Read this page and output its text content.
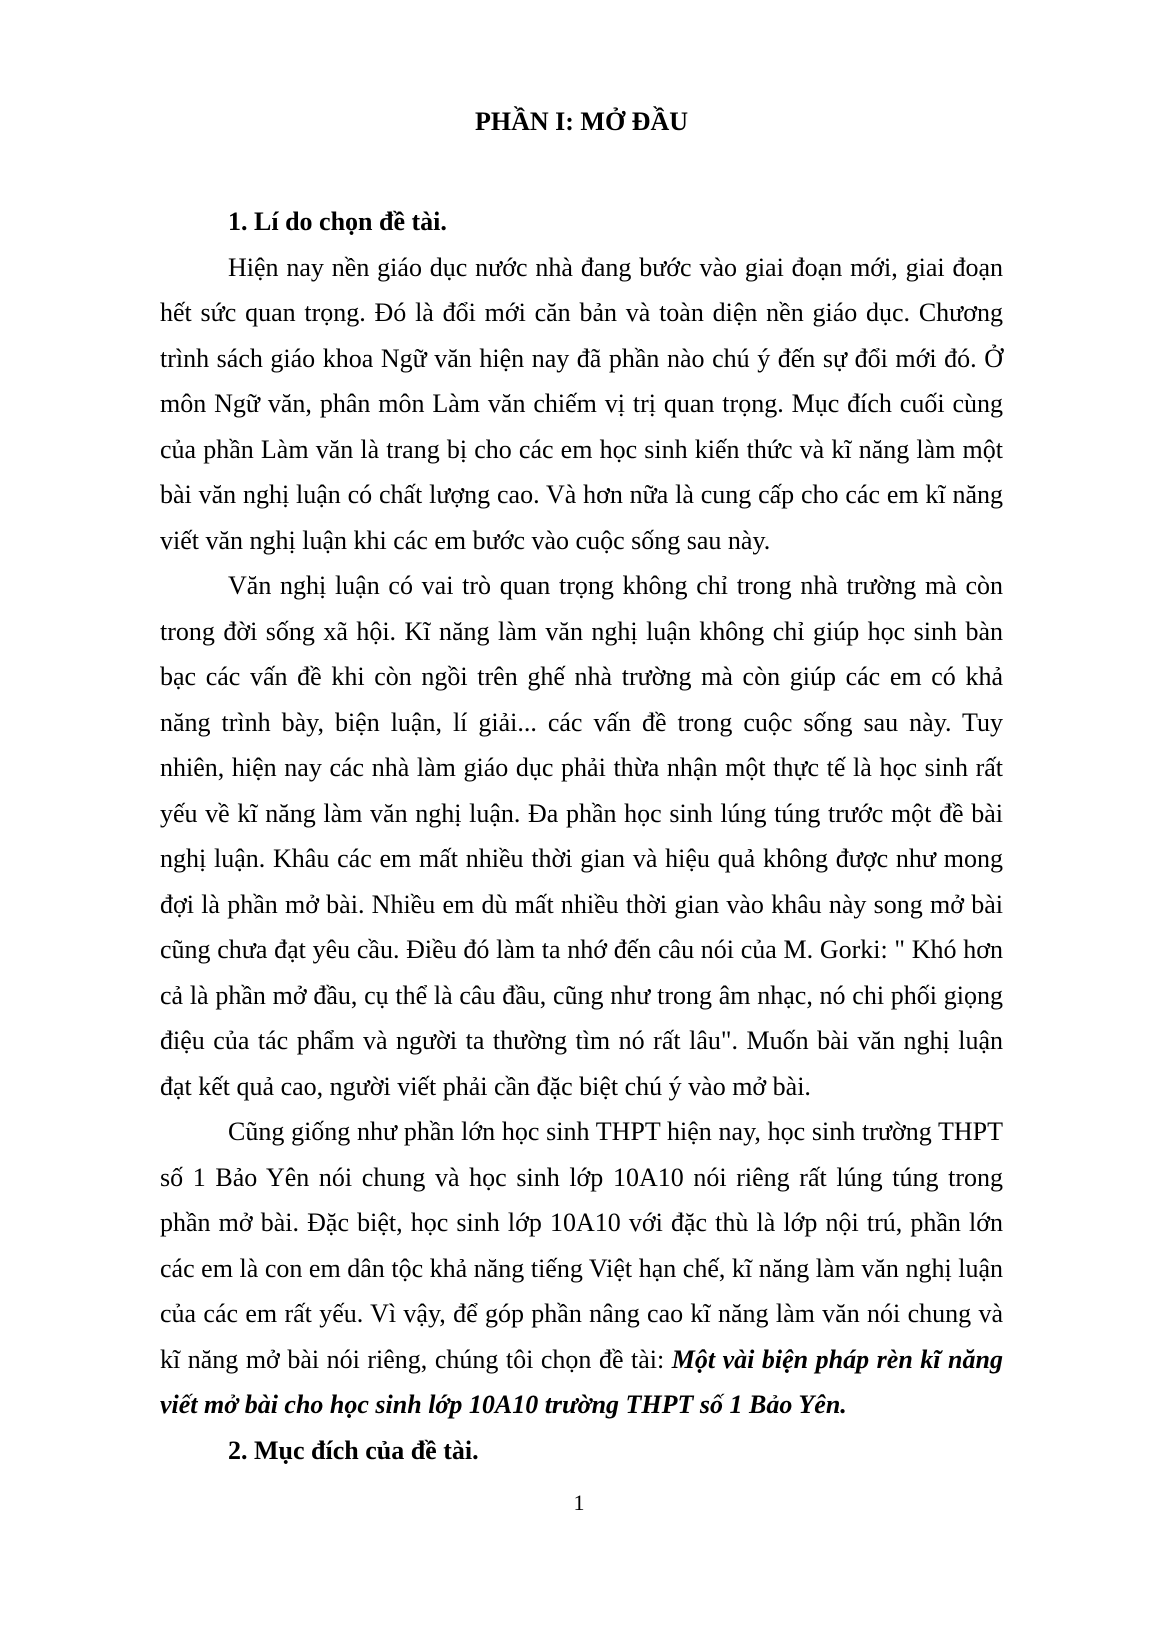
PHẦN I: MỞ ĐẦU
1. Lí do chọn đề tài.

Hiện nay nền giáo dục nước nhà đang bước vào giai đoạn mới, giai đoạn hết sức quan trọng. Đó là đổi mới căn bản và toàn diện nền giáo dục. Chương trình sách giáo khoa Ngữ văn hiện nay đã phần nào chú ý đến sự đổi mới đó. Ở môn Ngữ văn, phân môn Làm văn chiếm vị trị quan trọng. Mục đích cuối cùng của phần Làm văn là trang bị cho các em học sinh kiến thức và kĩ năng làm một bài văn nghị luận có chất lượng cao. Và hơn nữa là cung cấp cho các em kĩ năng viết văn nghị luận khi các em bước vào cuộc sống sau này.

Văn nghị luận có vai trò quan trọng không chỉ trong nhà trường mà còn trong đời sống xã hội. Kĩ năng làm văn nghị luận không chỉ giúp học sinh bàn bạc các vấn đề khi còn ngồi trên ghế nhà trường mà còn giúp các em có khả năng trình bày, biện luận, lí giải... các vấn đề trong cuộc sống sau này. Tuy nhiên, hiện nay các nhà làm giáo dục phải thừa nhận một thực tế là học sinh rất yếu về kĩ năng làm văn nghị luận. Đa phần học sinh lúng túng trước một đề bài nghị luận. Khâu các em mất nhiều thời gian và hiệu quả không được như mong đợi là phần mở bài. Nhiều em dù mất nhiều thời gian vào khâu này song mở bài cũng chưa đạt yêu cầu. Điều đó làm ta nhớ đến câu nói của M. Gorki: " Khó hơn cả là phần mở đầu, cụ thể là câu đầu, cũng như trong âm nhạc, nó chi phối giọng điệu của tác phẩm và người ta thường tìm nó rất lâu". Muốn bài văn nghị luận đạt kết quả cao, người viết phải cần đặc biệt chú ý vào mở bài.

Cũng giống như phần lớn học sinh THPT hiện nay, học sinh trường THPT số 1 Bảo Yên nói chung và học sinh lớp 10A10 nói riêng rất lúng túng trong phần mở bài. Đặc biệt, học sinh lớp 10A10 với đặc thù là lớp nội trú, phần lớn các em là con em dân tộc khả năng tiếng Việt hạn chế, kĩ năng làm văn nghị luận của các em rất yếu. Vì vậy, để góp phần nâng cao kĩ năng làm văn nói chung và kĩ năng mở bài nói riêng, chúng tôi chọn đề tài: Một vài biện pháp rèn kĩ năng viết mở bài cho học sinh lớp 10A10 trường THPT số 1 Bảo Yên.

2. Mục đích của đề tài.
1
